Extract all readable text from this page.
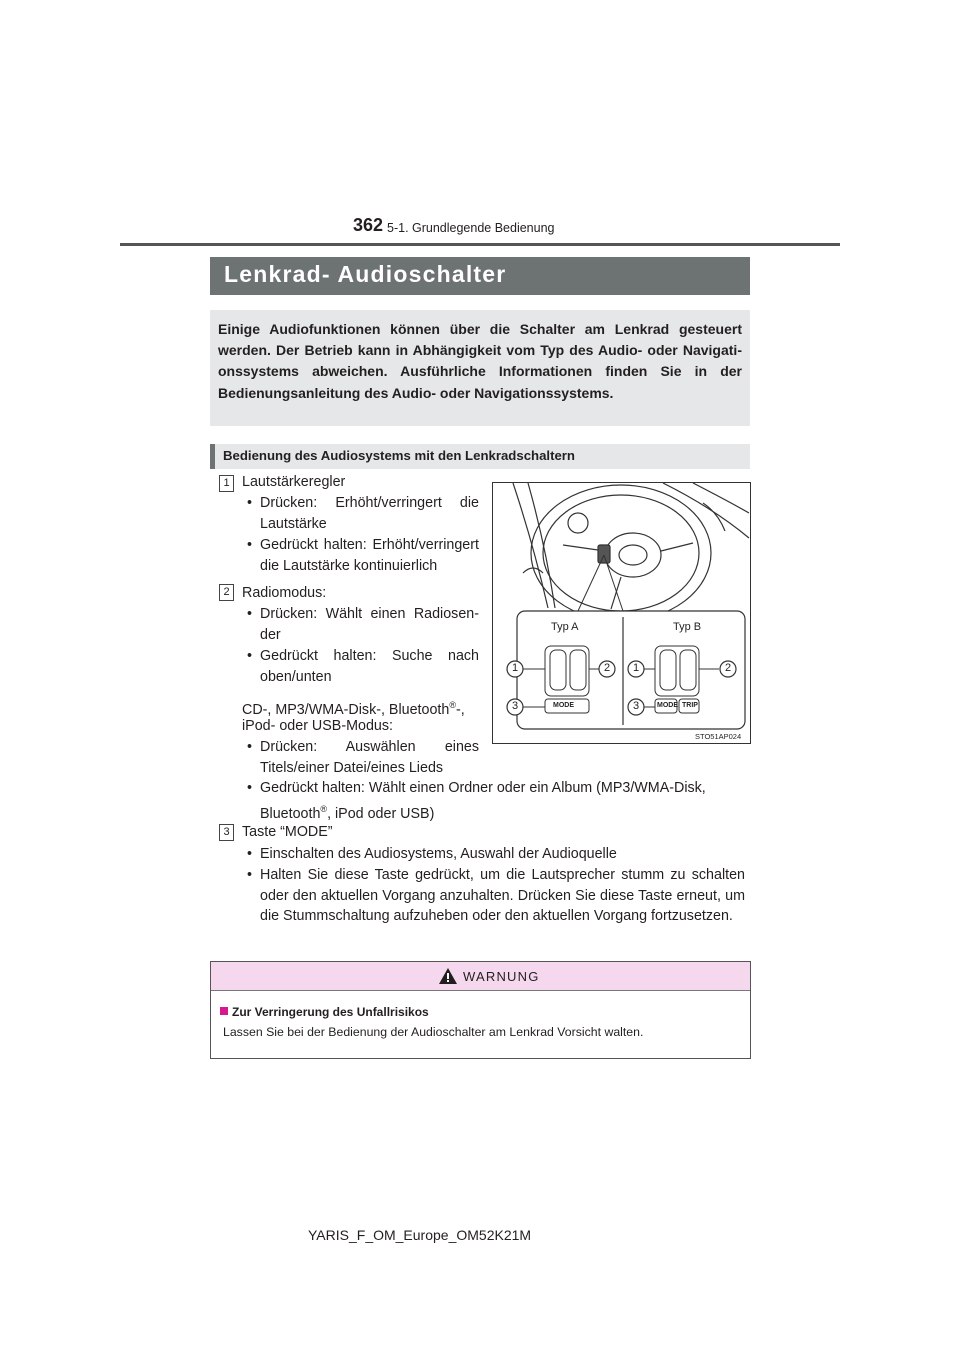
362 5-1. Grundlegende Bedienung
Lenkrad- Audioschalter
Einige Audiofunktionen können über die Schalter am Lenkrad gesteuert werden. Der Betrieb kann in Abhängigkeit vom Typ des Audio- oder Navigationssystems abweichen. Ausführliche Informationen finden Sie in der Bedienungsanleitung des Audio- oder Navigationssystems.
Bedienung des Audiosystems mit den Lenkradschaltern
1 Lautstärkeregler
• Drücken: Erhöht/verringert die Lautstärke
• Gedrückt halten: Erhöht/verringert die Lautstärke kontinuierlich
2 Radiomodus:
• Drücken: Wählt einen Radiosender
• Gedrückt halten: Suche nach oben/unten
CD-, MP3/WMA-Disk-, Bluetooth®-,
iPod- oder USB-Modus:
• Drücken: Auswählen eines Titels/einer Datei/eines Lieds
• Gedrückt halten: Wählt einen Ordner oder ein Album (MP3/WMA-Disk,
Bluetooth®, iPod oder USB)
3 Taste “MODE”
• Einschalten des Audiosystems, Auswahl der Audioquelle
• Halten Sie diese Taste gedrückt, um die Lautsprecher stumm zu schalten oder den aktuellen Vorgang anzuhalten. Drücken Sie diese Taste erneut, um die Stummschaltung aufzuheben oder den aktuellen Vorgang fortzusetzen.
Typ A	Typ B
MODE	MODE TRIP
1	2
3
1	2
3
STO51AP024
WARNUNG
Zur Verringerung des Unfallrisikos
Lassen Sie bei der Bedienung der Audioschalter am Lenkrad Vorsicht walten.
YARIS_F_OM_Europe_OM52K21M
